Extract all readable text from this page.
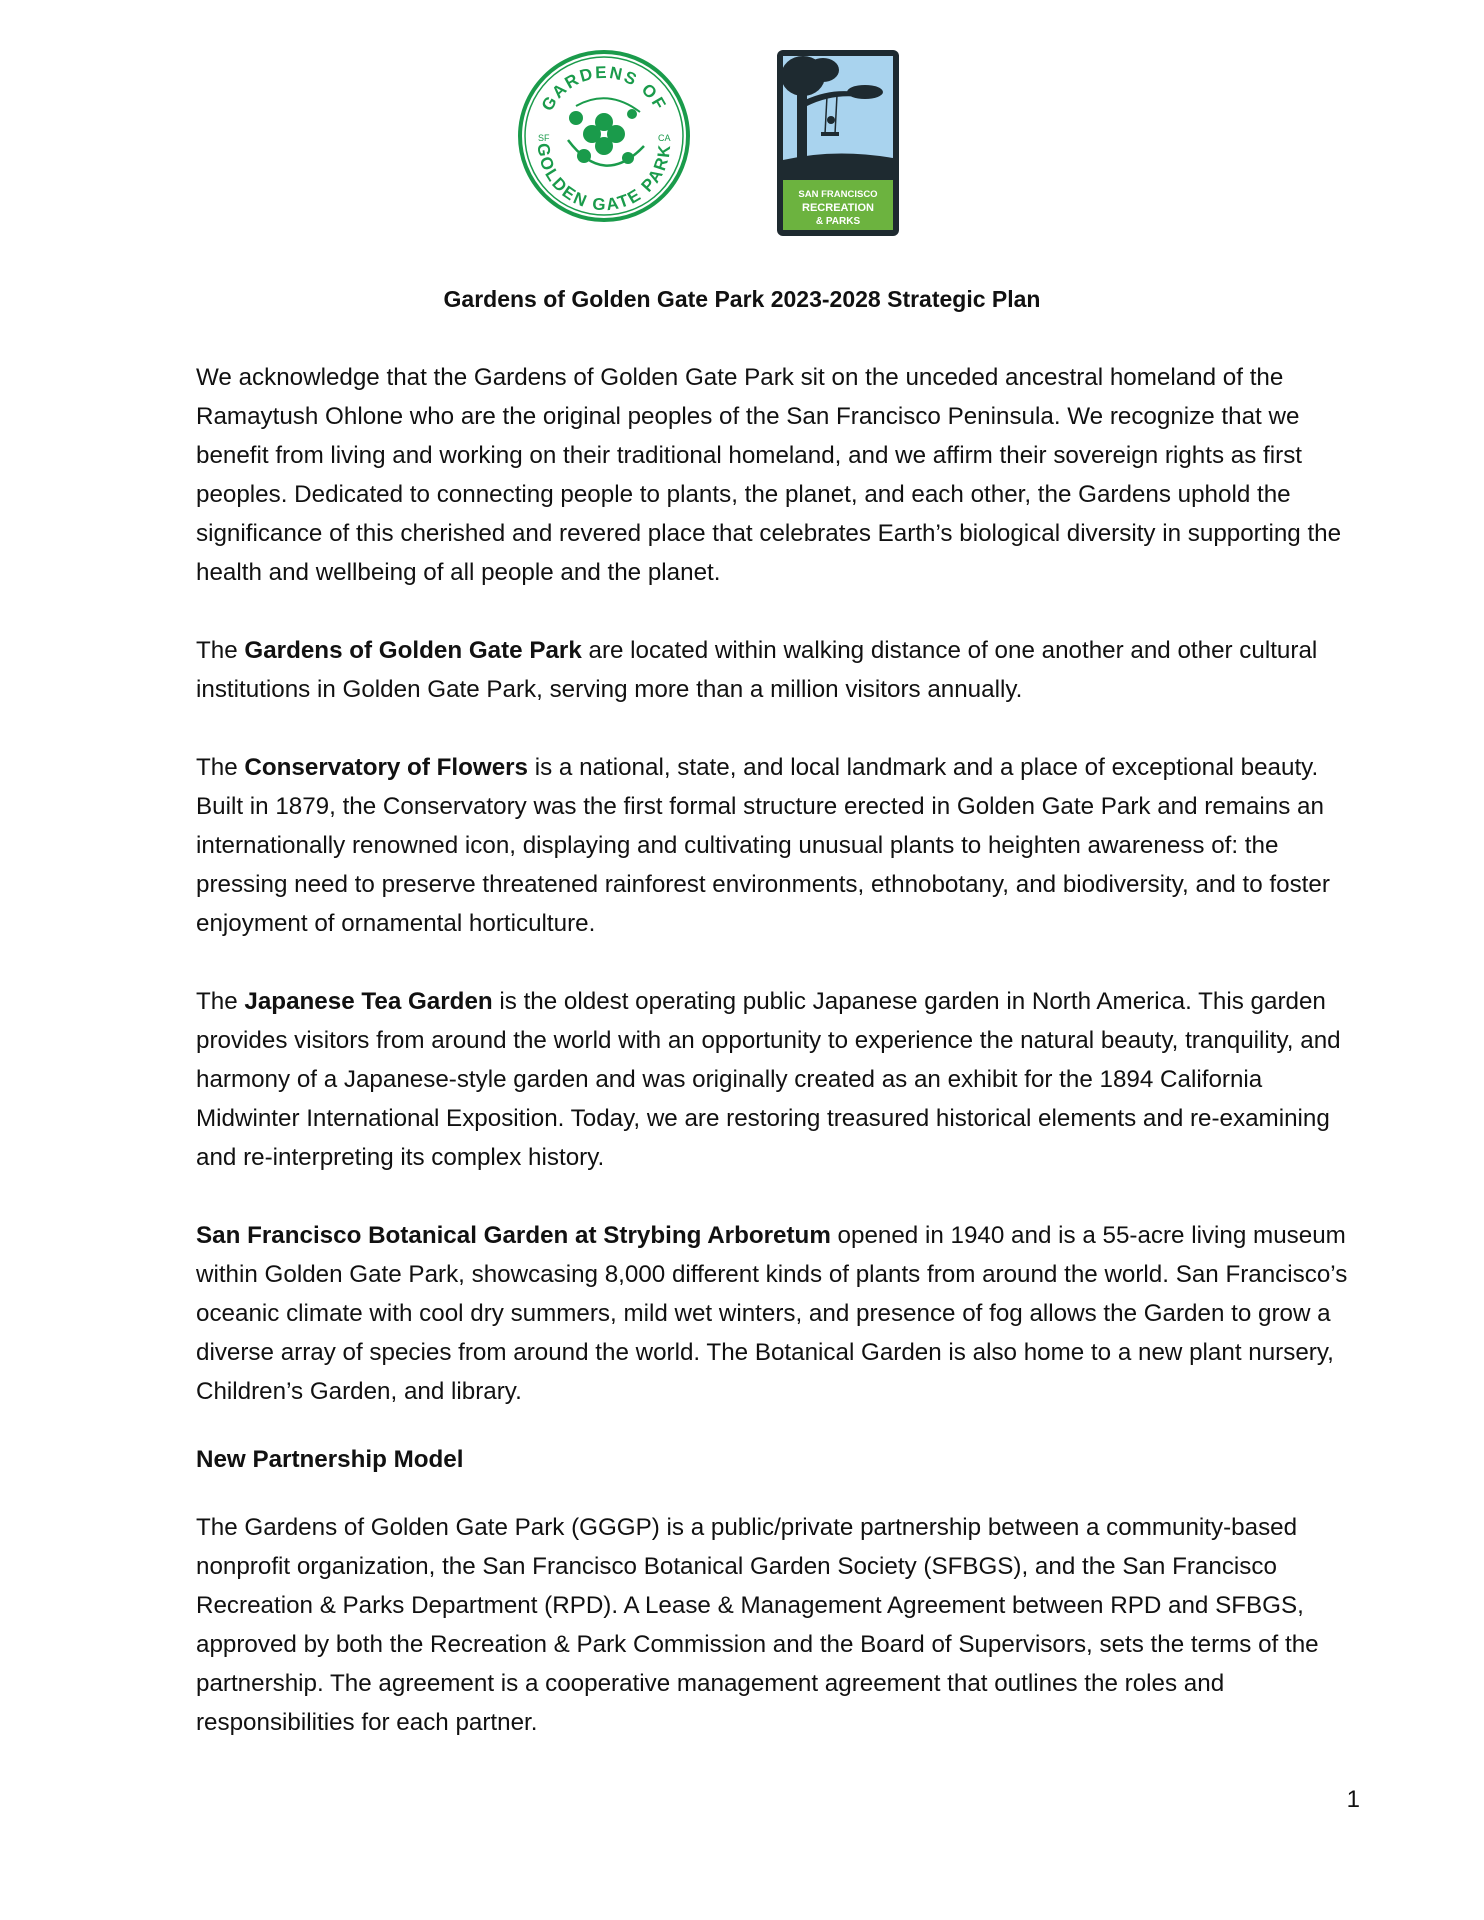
GARDENS OF
GOLDEN GATE PARK
SF	CA
SAN FRANCISCO
RECREATION
& PARKS
Gardens of Golden Gate Park 2023-2028 Strategic Plan

We acknowledge that the Gardens of Golden Gate Park sit on the unceded ancestral homeland of the Ramaytush Ohlone who are the original peoples of the San Francisco Peninsula. We recognize that we benefit from living and working on their traditional homeland, and we affirm their sovereign rights as first peoples. Dedicated to connecting people to plants, the planet, and each other, the Gardens uphold the significance of this cherished and revered place that celebrates Earth’s biological diversity in supporting the health and wellbeing of all people and the planet.

The Gardens of Golden Gate Park are located within walking distance of one another and other cultural institutions in Golden Gate Park, serving more than a million visitors annually.

The Conservatory of Flowers is a national, state, and local landmark and a place of exceptional beauty. Built in 1879, the Conservatory was the first formal structure erected in Golden Gate Park and remains an internationally renowned icon, displaying and cultivating unusual plants to heighten awareness of: the pressing need to preserve threatened rainforest environments, ethnobotany, and biodiversity, and to foster enjoyment of ornamental horticulture.

The Japanese Tea Garden is the oldest operating public Japanese garden in North America. This garden provides visitors from around the world with an opportunity to experience the natural beauty, tranquility, and harmony of a Japanese-style garden and was originally created as an exhibit for the 1894 California Midwinter International Exposition. Today, we are restoring treasured historical elements and re-examining and re-interpreting its complex history.

San Francisco Botanical Garden at Strybing Arboretum opened in 1940 and is a 55-acre living museum within Golden Gate Park, showcasing 8,000 different kinds of plants from around the world. San Francisco’s oceanic climate with cool dry summers, mild wet winters, and presence of fog allows the Garden to grow a diverse array of species from around the world. The Botanical Garden is also home to a new plant nursery, Children’s Garden, and library.

New Partnership Model

The Gardens of Golden Gate Park (GGGP) is a public/private partnership between a community-based nonprofit organization, the San Francisco Botanical Garden Society (SFBGS), and the San Francisco Recreation & Parks Department (RPD). A Lease & Management Agreement between RPD and SFBGS, approved by both the Recreation & Park Commission and the Board of Supervisors, sets the terms of the partnership. The agreement is a cooperative management agreement that outlines the roles and responsibilities for each partner.

1
